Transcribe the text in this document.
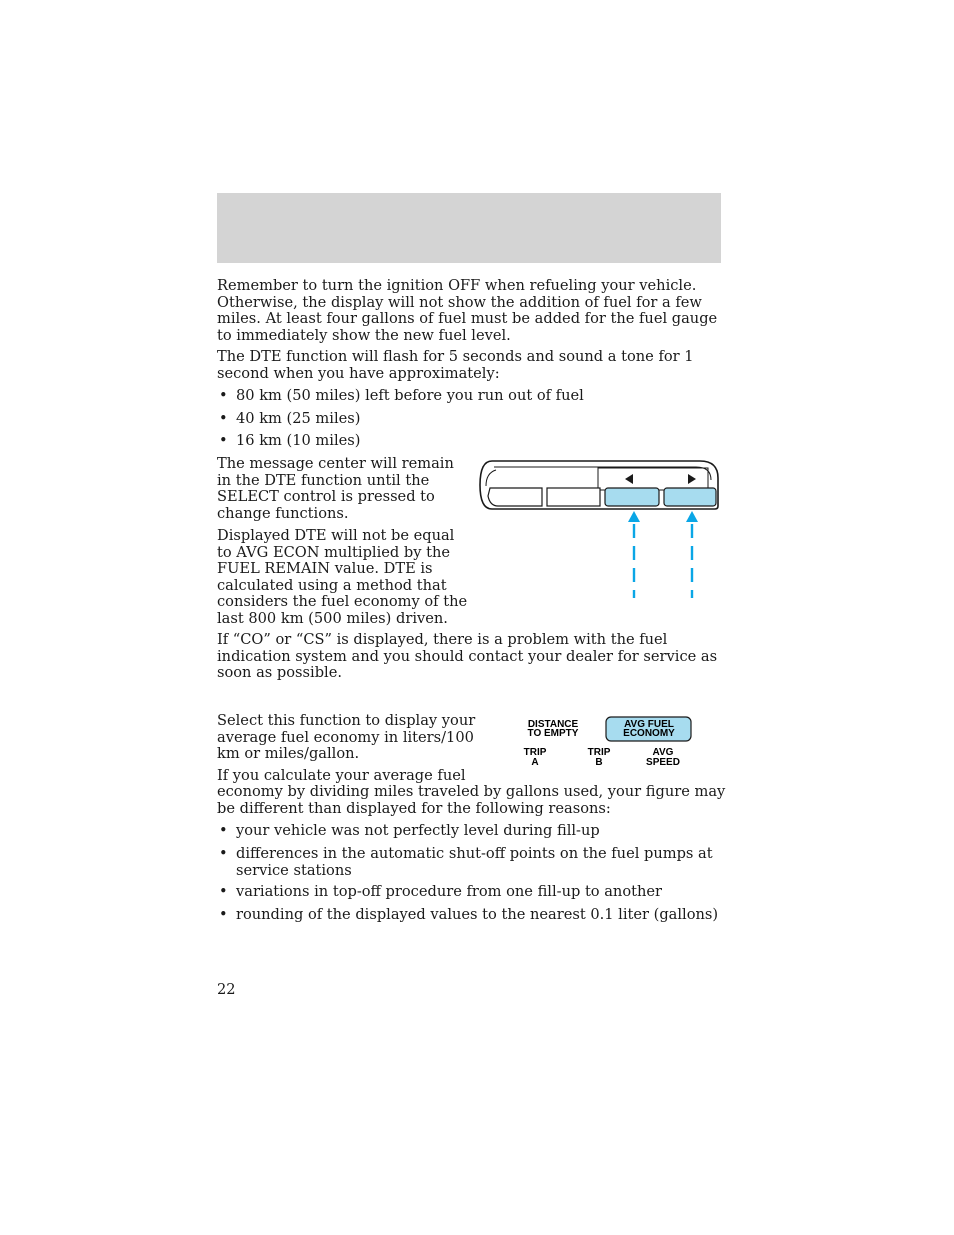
Remember to turn the ignition OFF when refueling your vehicle. Otherwise, the display will not show the addition of fuel for a few miles. At least four gallons of fuel must be added for the fuel gauge to immediately show the new fuel level.

The DTE function will flash for 5 seconds and sound a tone for 1 second when you have approximately:

• 80 km (50 miles) left before you run out of fuel
• 40 km (25 miles)
• 16 km (10 miles)

The message center will remain in the DTE function until the SELECT control is pressed to change functions.

Displayed DTE will not be equal to AVG ECON multiplied by the FUEL REMAIN value. DTE is calculated using a method that considers the fuel economy of the last 800 km (500 miles) driven.

If “CO” or “CS” is displayed, there is a problem with the fuel indication system and you should contact your dealer for service as soon as possible.

Select this function to display your average fuel economy in liters/100 km or miles/gallon.

DISTANCE
TO EMPTY
AVG FUEL
ECONOMY
TRIP
A
TRIP
B
AVG
SPEED

If you calculate your average fuel

economy by dividing miles traveled by gallons used, your figure may be different than displayed for the following reasons:

• your vehicle was not perfectly level during fill-up
• differences in the automatic shut-off points on the fuel pumps at
service stations
• variations in top-off procedure from one fill-up to another
• rounding of the displayed values to the nearest 0.1 liter (gallons)
22
